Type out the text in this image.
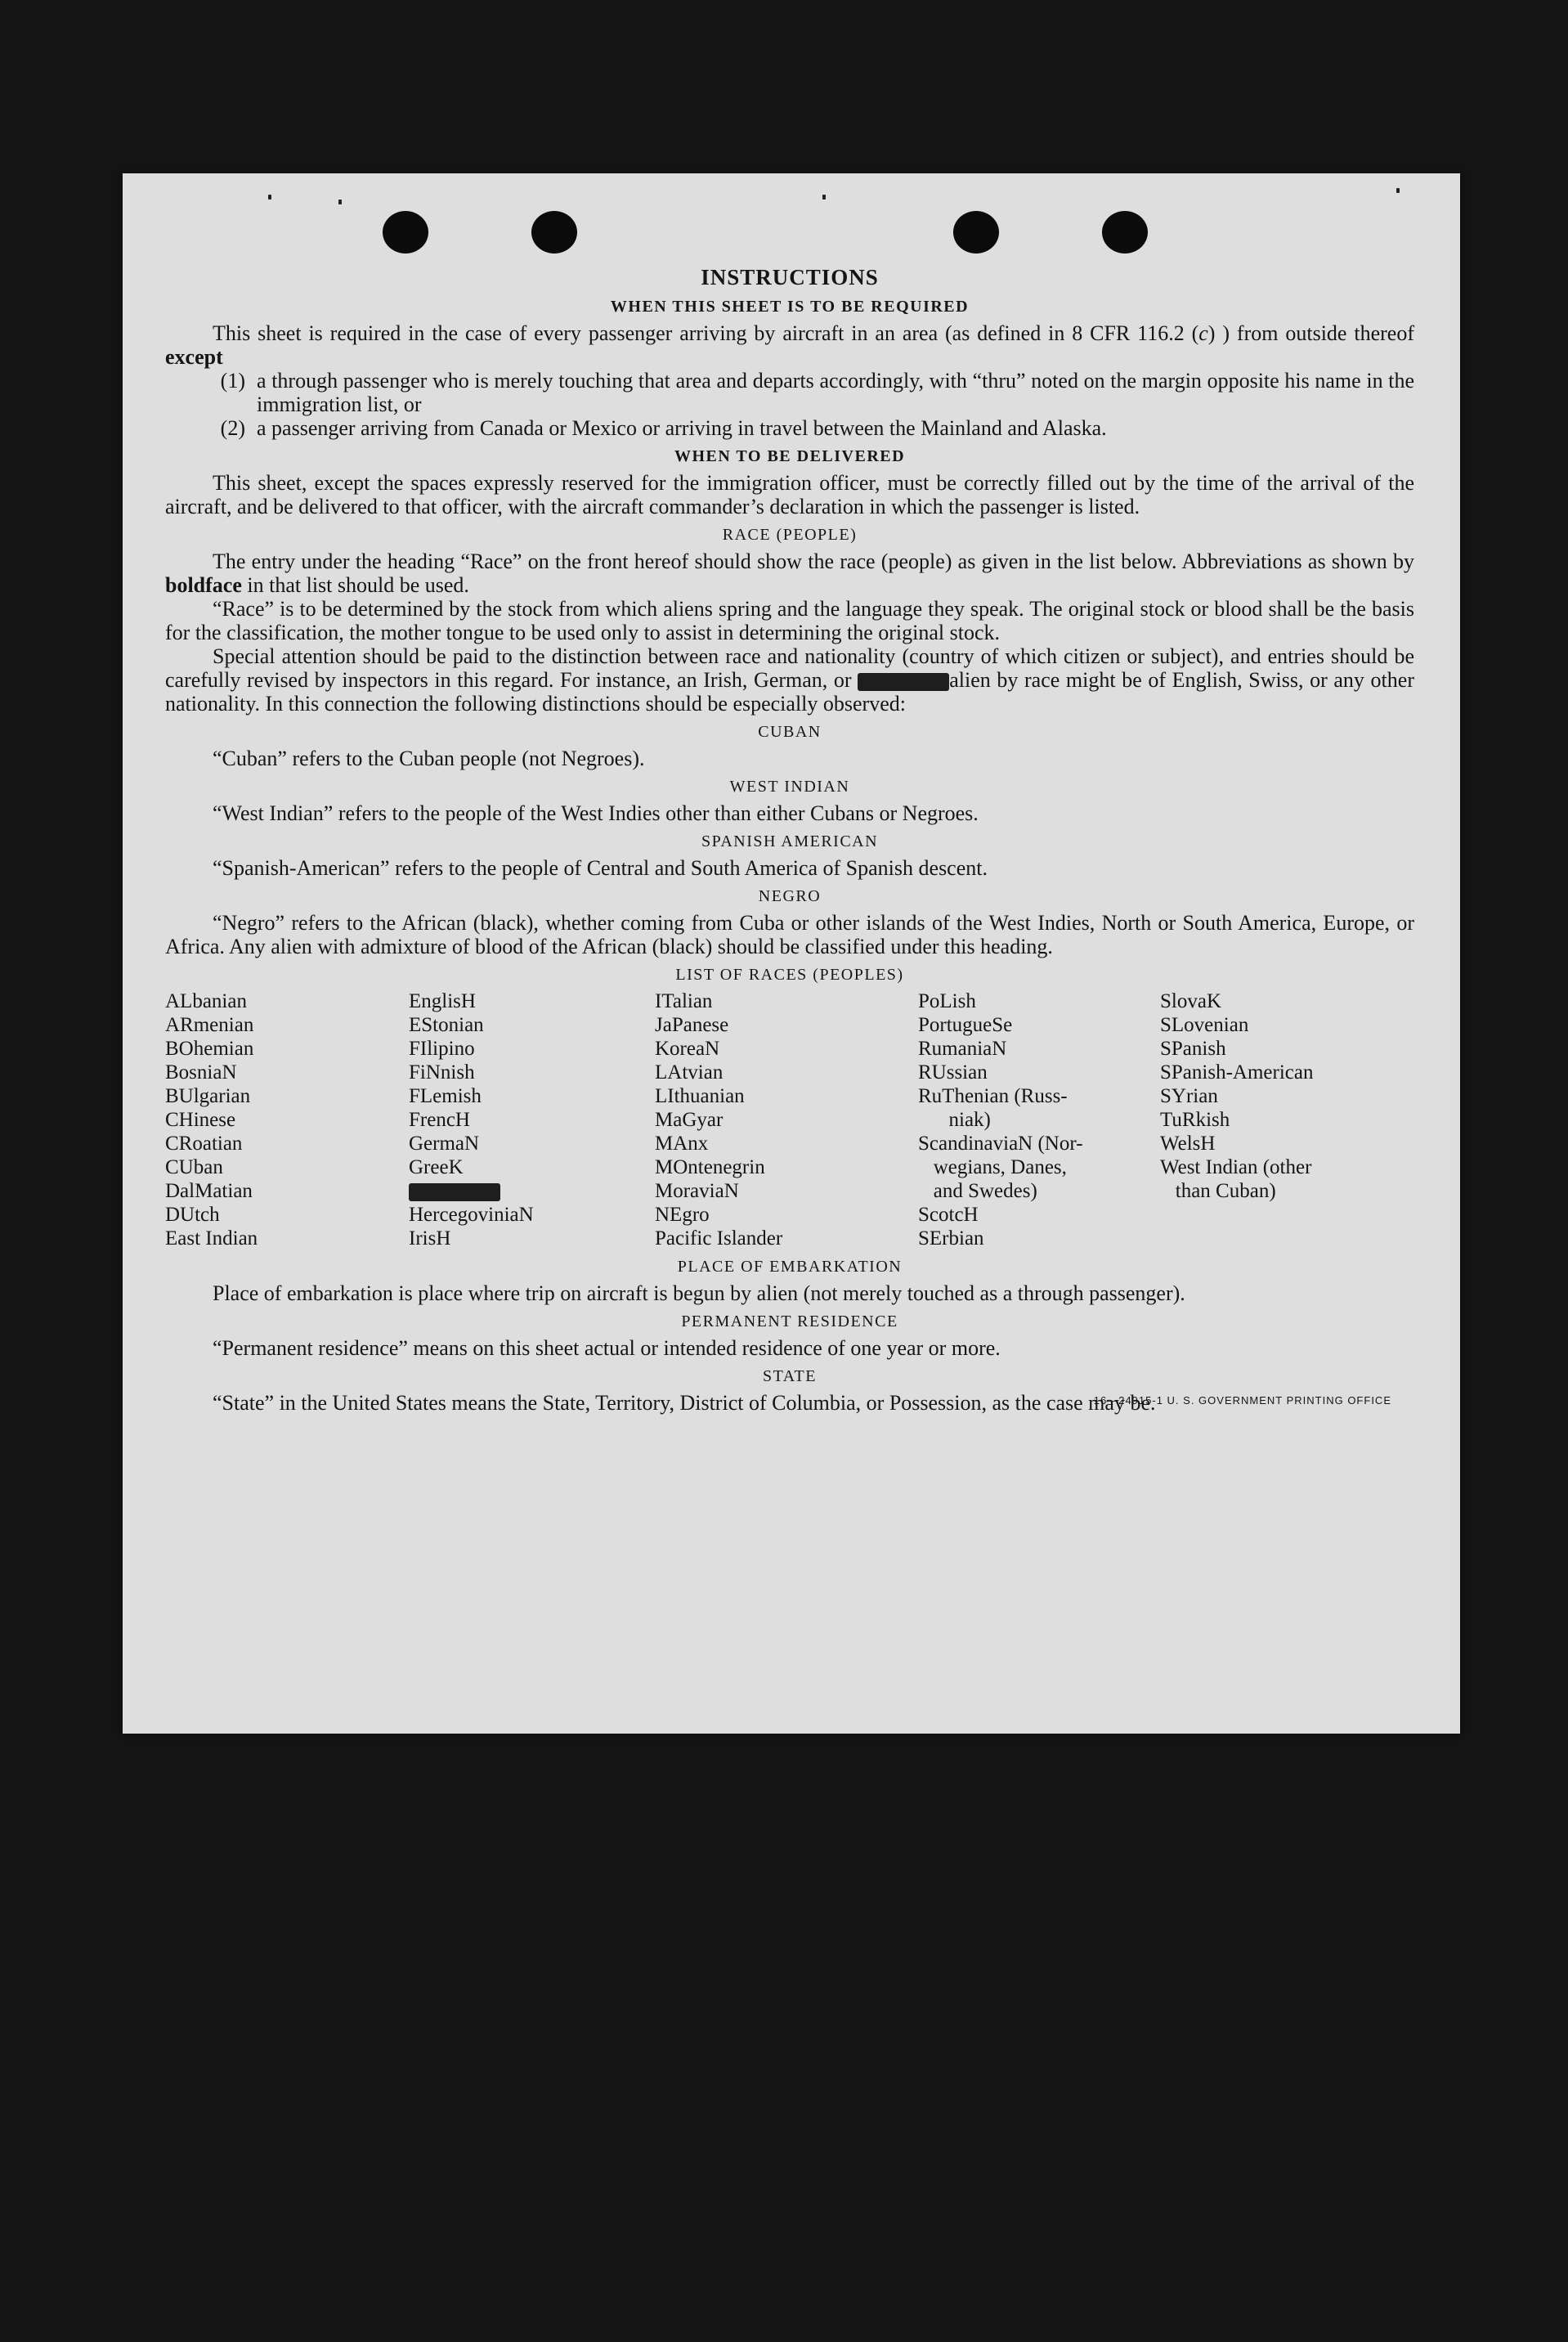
INSTRUCTIONS
WHEN THIS SHEET IS TO BE REQUIRED

This sheet is required in the case of every passenger arriving by aircraft in an area (as defined in 8 CFR 116.2 (c) ) from outside thereof except

(1) a through passenger who is merely touching that area and departs accordingly, with “thru” noted on the margin opposite his name in the immigration list, or
(2) a passenger arriving from Canada or Mexico or arriving in travel between the Mainland and Alaska.
WHEN TO BE DELIVERED

This sheet, except the spaces expressly reserved for the immigration officer, must be correctly filled out by the time of the arrival of the aircraft, and be delivered to that officer, with the aircraft commander’s declaration in which the passenger is listed.

RACE (PEOPLE)

The entry under the heading “Race” on the front hereof should show the race (people) as given in the list below. Abbreviations as shown by boldface in that list should be used.

“Race” is to be determined by the stock from which aliens spring and the language they speak. The original stock or blood shall be the basis for the classification, the mother tongue to be used only to assist in determining the original stock.

Special attention should be paid to the distinction between race and nationality (country of which citizen or subject), and entries should be carefully revised by inspectors in this regard. For instance, an Irish, German, or	alien by race might be of English, Swiss, or any other nationality. In this connection the following distinctions should be especially observed:

CUBAN

“Cuban” refers to the Cuban people (not Negroes).

WEST INDIAN

“West Indian” refers to the people of the West Indies other than either Cubans or Negroes.

SPANISH AMERICAN

“Spanish-American” refers to the people of Central and South America of Spanish descent.

NEGRO

“Negro” refers to the African (black), whether coming from Cuba or other islands of the West Indies, North or South America, Europe, or Africa. Any alien with admixture of blood of the African (black) should be classified under this heading.

LIST OF RACES (PEOPLES)
ALbanian
ARmenian
BOhemian
BosniaN
BUlgarian
CHinese
CRoatian
CUban
DalMatian
DUtch
East Indian
EnglisH
EStonian
FIlipino
FiNnish
FLemish
FrencH
GermaN
GreeK
HercegoviniaN
IrisH
ITalian
JaPanese
KoreaN
LAtvian
LIthuanian
MaGyar
MAnx
MOntenegrin
MoraviaN
NEgro
Pacific Islander
PoLish
PortugueSe
RumaniaN
RUssian
RuThenian (Russ-
niak)
ScandinaviaN (Nor-
wegians, Danes,
and Swedes)
ScotcH
SErbian
SlovaK
SLovenian
SPanish
SPanish-American
SYrian
TuRkish
WelsH
West Indian (other
than Cuban)
PLACE OF EMBARKATION

Place of embarkation is place where trip on aircraft is begun by alien (not merely touched as a through passenger).

PERMANENT RESIDENCE

“Permanent residence” means on this sheet actual or intended residence of one year or more.

STATE

“State” in the United States means the State, Territory, District of Columbia, or Possession, as the case may be.

16—24915-1 U. S. GOVERNMENT PRINTING OFFICE
